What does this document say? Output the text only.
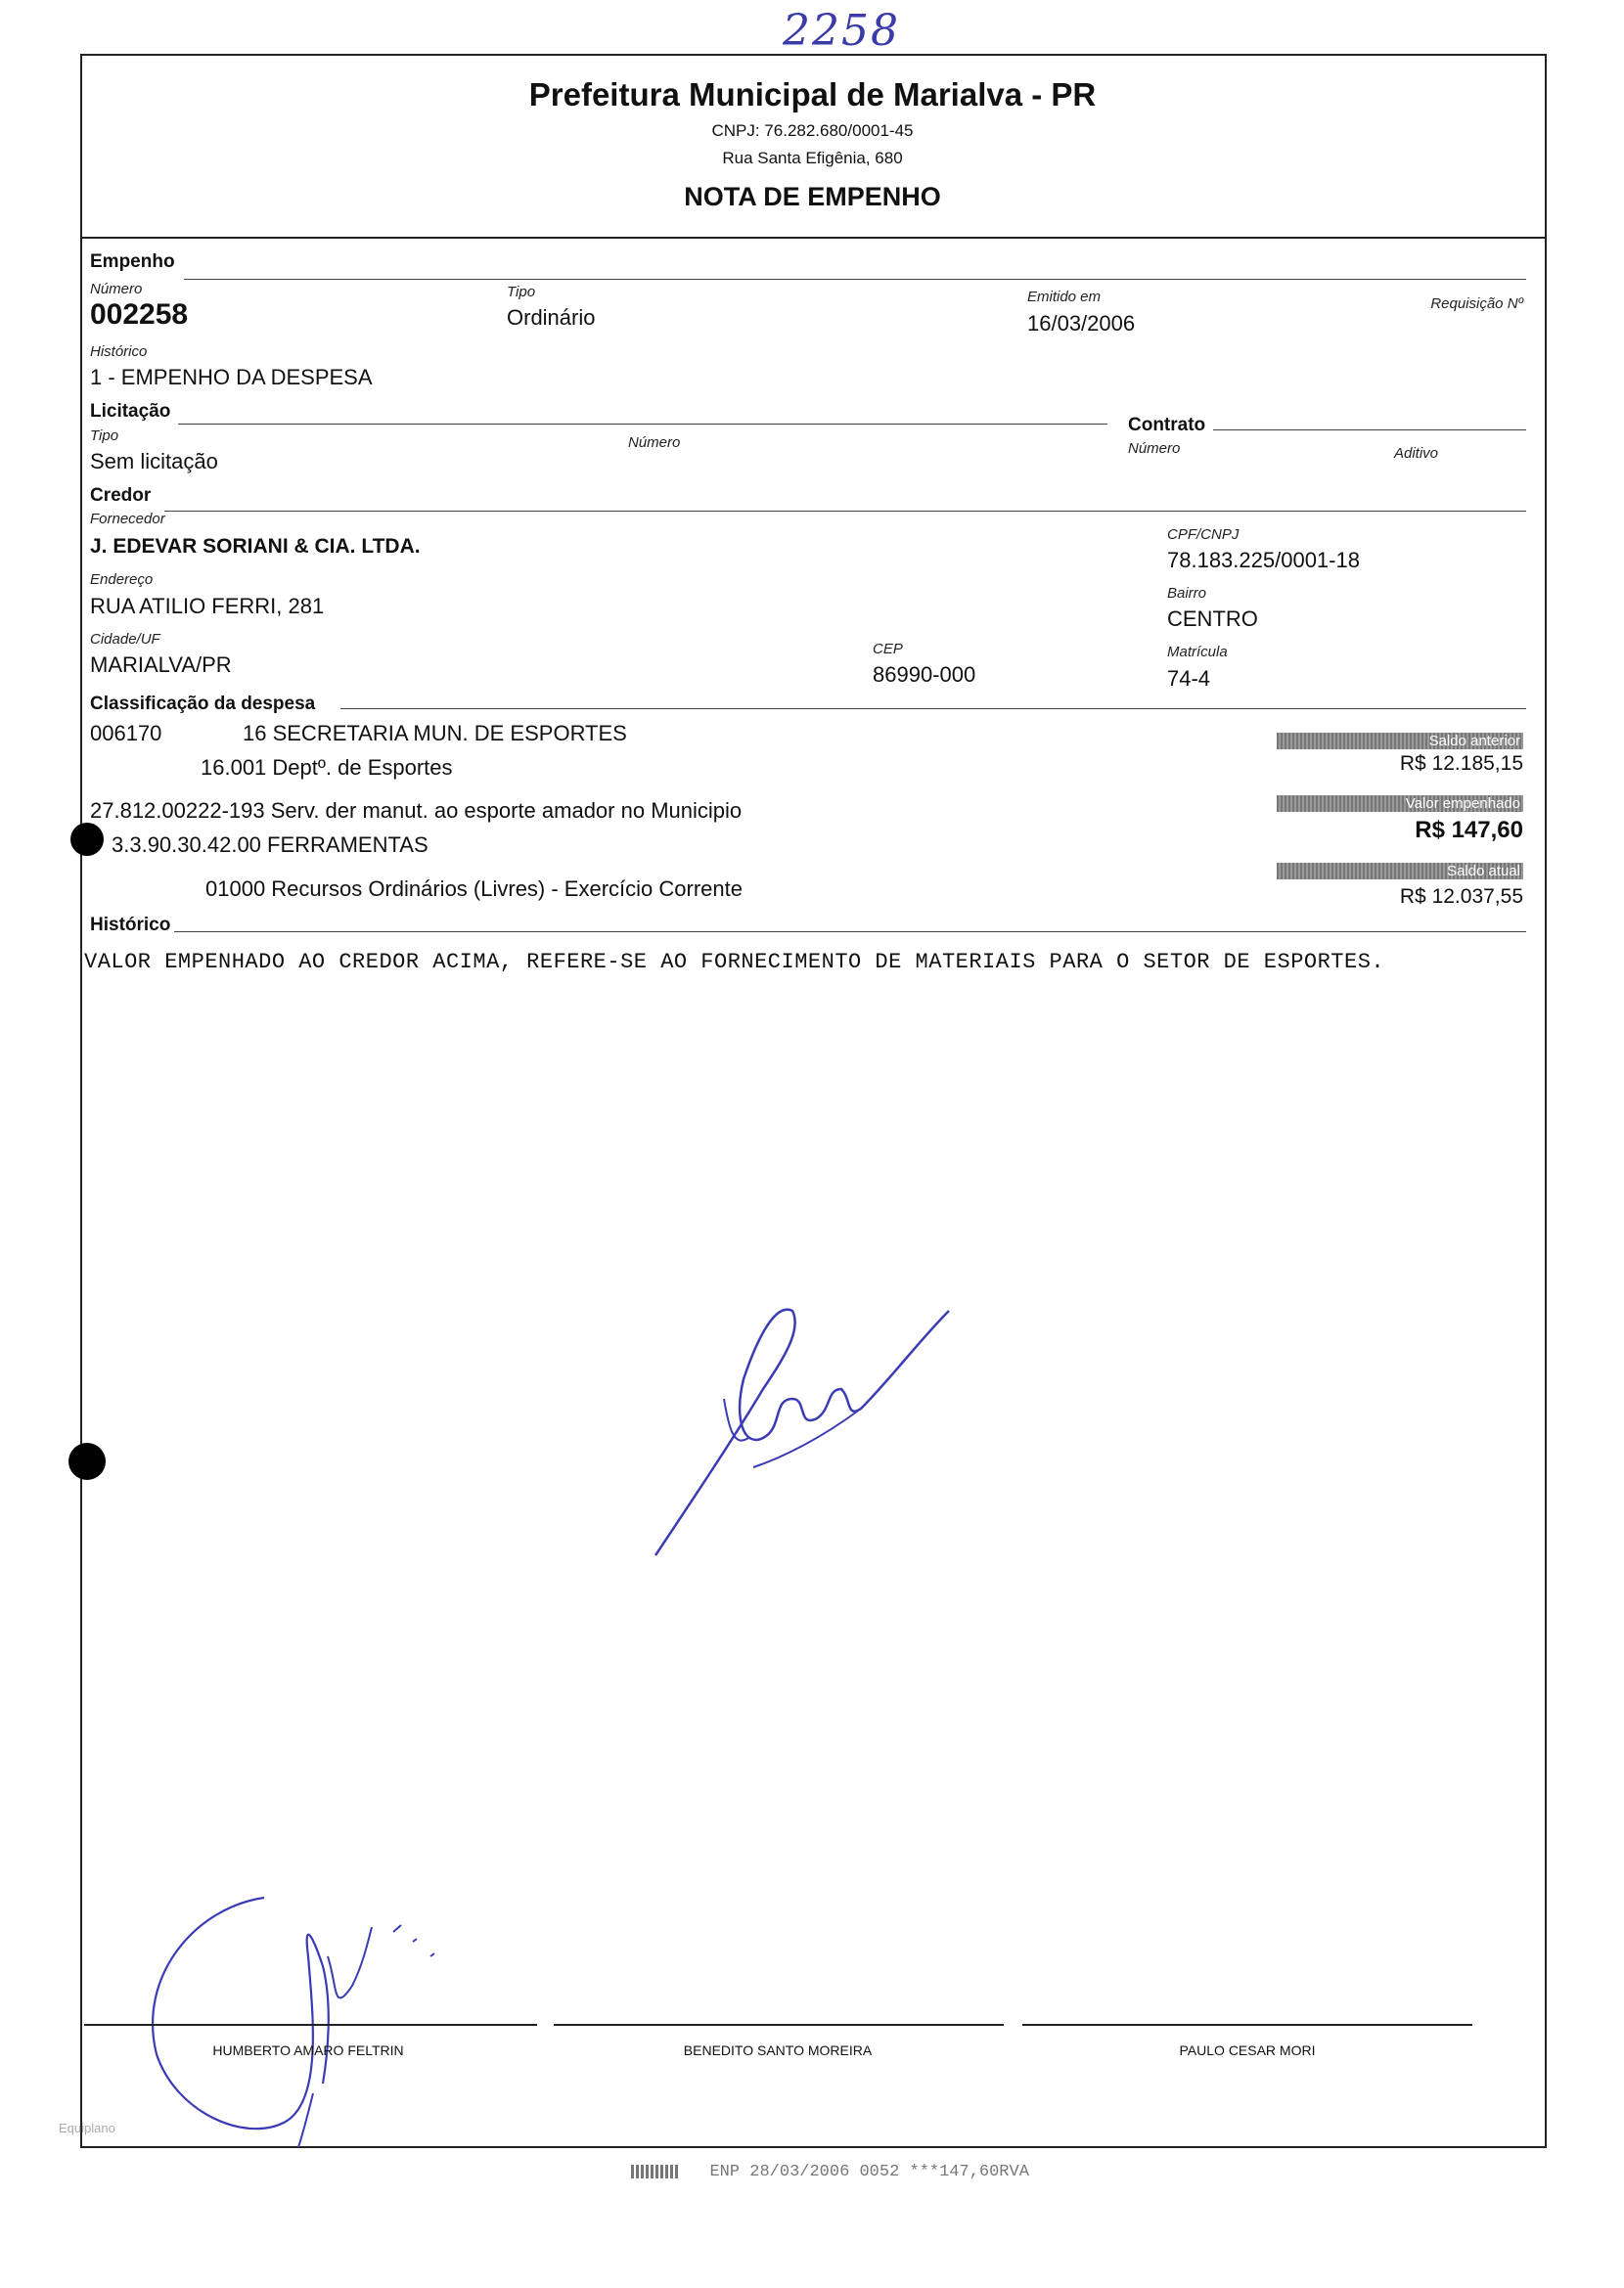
2258
Prefeitura Municipal de Marialva - PR
CNPJ: 76.282.680/0001-45
Rua Santa Efigênia, 680
NOTA DE EMPENHO
Empenho
Número
002258
Tipo
Ordinário
Emitido em
16/03/2006
Requisição Nº
Histórico
1 - EMPENHO DA DESPESA
Licitação
Tipo
Sem licitação
Número
Contrato
Número	Aditivo
Credor
Fornecedor
J. EDEVAR SORIANI & CIA. LTDA.
CPF/CNPJ
78.183.225/0001-18
Endereço
RUA ATILIO FERRI, 281
Bairro
CENTRO
Cidade/UF
MARIALVA/PR
CEP
86990-000
Matrícula
74-4
Classificação da despesa
006170	16 SECRETARIA MUN. DE ESPORTES
16.001 Deptº. de Esportes
27.812.00222-193 Serv. der manut. ao esporte amador no Municipio
3.3.90.30.42.00 FERRAMENTAS
01000 Recursos Ordinários (Livres) - Exercício Corrente
Saldo anterior
R$ 12.185,15
Valor empenhado
R$ 147,60
Saldo atual
R$ 12.037,55
Histórico
VALOR EMPENHADO AO CREDOR ACIMA, REFERE-SE AO FORNECIMENTO DE MATERIAIS PARA O SETOR DE ESPORTES.
HUMBERTO AMARO FELTRIN	BENEDITO SANTO MOREIRA	PAULO CESAR MORI
Equiplano
ENP 28/03/2006 0052 ***147,60RVA
